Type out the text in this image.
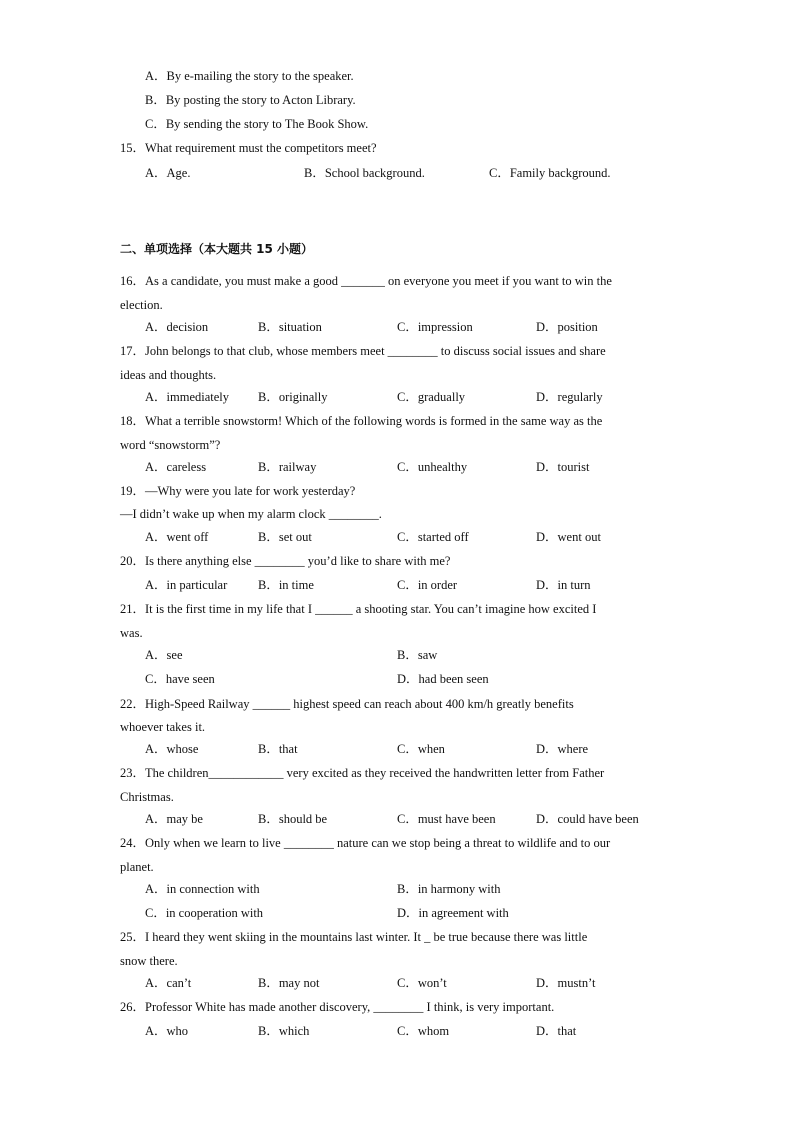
A．By e-mailing the story to the speaker.
B．By posting the story to Acton Library.
C．By sending the story to The Book Show.
15．What requirement must the competitors meet?
A．Age.	B．School background.	C．Family background.
二、单项选择（本大题共 15 小题）
16．As a candidate, you must make a good _______ on everyone you meet if you want to win the
election.
A．decision	B．situation	C．impression	D．position
17．John belongs to that club, whose members meet ________ to discuss social issues and share
ideas and thoughts.
A．immediately B．originally	C．gradually	D．regularly
18．What a terrible snowstorm! Which of the following words is formed in the same way as the
word “snowstorm”?
A．careless	B．railway	C．unhealthy	D．tourist
19．—Why were you late for work yesterday?
—I didn’t wake up when my alarm clock ________.
A．went off	B．set out	C．started off	D．went out
20．Is there anything else ________ you’d like to share with me?
A．in particular B．in time	C．in order	D．in turn
21．It is the first time in my life that I ______ a shooting star. You can’t imagine how excited I
was.
A．see	B．saw
C．have seen	D．had been seen
22．High-Speed Railway ______ highest speed can reach about 400 km/h greatly benefits
whoever takes it.
A．whose	B．that	C．when	D．where
23．The children____________ very excited as they received the handwritten letter from Father
Christmas.
A．may be	B．should be	C．must have been	D．could have been
24．Only when we learn to live ________ nature can we stop being a threat to wildlife and to our
planet.
A．in connection with	B．in harmony with
C．in cooperation with	D．in agreement with
25．I heard they went skiing in the mountains last winter. It _ be true because there was little
snow there.
A．can’t	B．may not	C．won’t	D．mustn’t
26．Professor White has made another discovery, ________ I think, is very important.
A．who	B．which	C．whom	D．that
